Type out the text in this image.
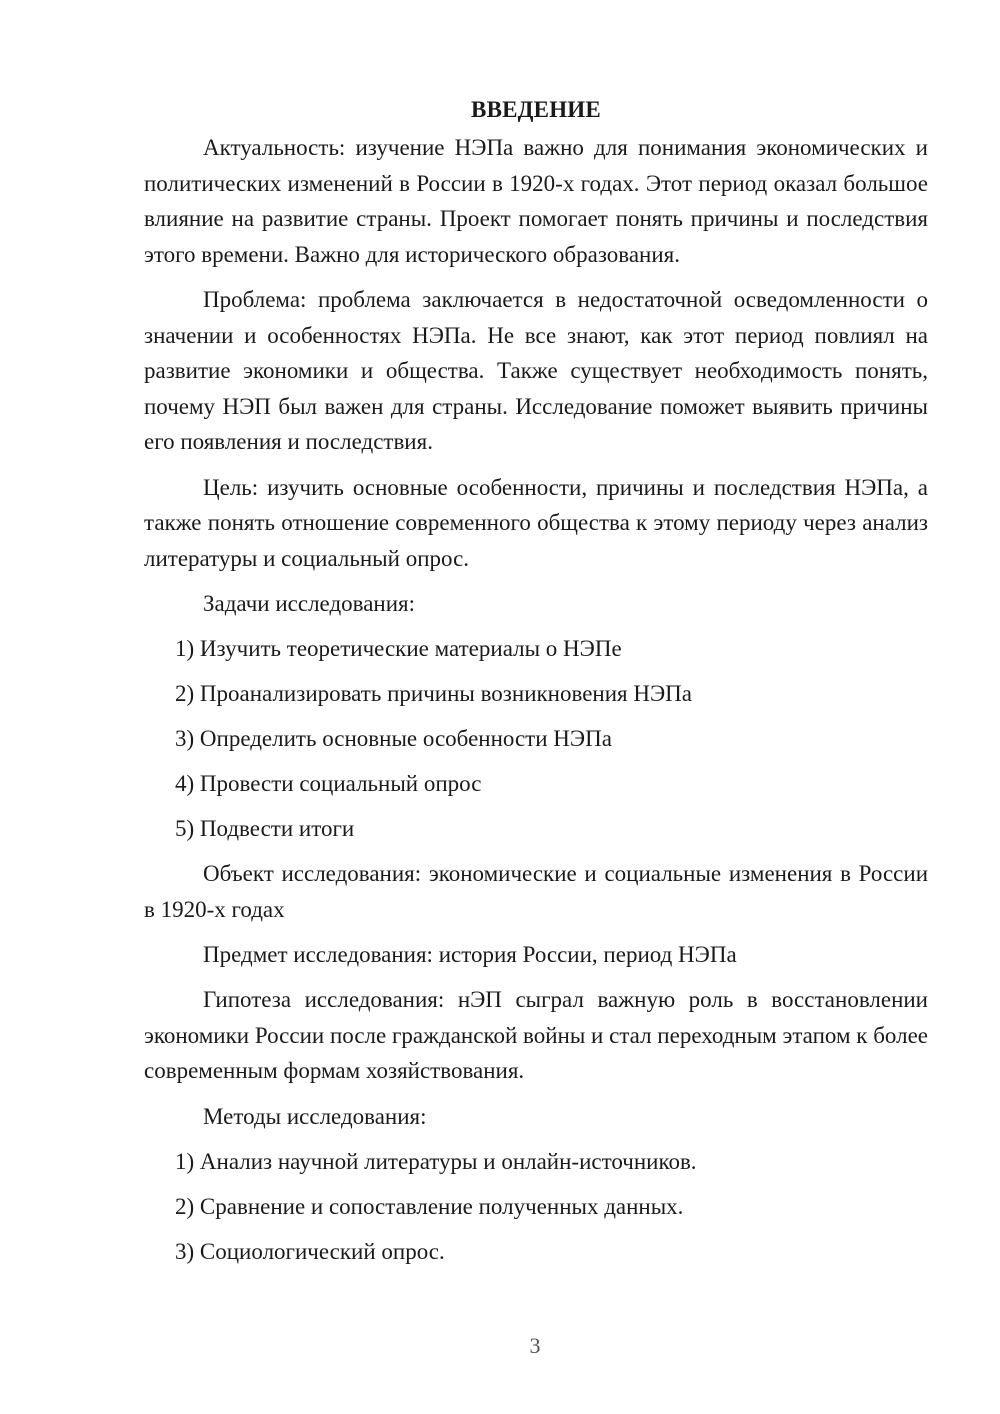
ВВЕДЕНИЕ

Актуальность: изучение НЭПа важно для понимания экономических и политических изменений в России в 1920-х годах. Этот период оказал большое влияние на развитие страны. Проект помогает понять причины и последствия этого времени. Важно для исторического образования.

Проблема: проблема заключается в недостаточной осведомленности о значении и особенностях НЭПа. Не все знают, как этот период повлиял на развитие экономики и общества. Также существует необходимость понять, почему НЭП был важен для страны. Исследование поможет выявить причины его появления и последствия.

Цель: изучить основные особенности, причины и последствия НЭПа, а также понять отношение современного общества к этому периоду через анализ литературы и социальный опрос.

Задачи исследования:

1) Изучить теоретические материалы о НЭПе

2) Проанализировать причины возникновения НЭПа

3) Определить основные особенности НЭПа

4) Провести социальный опрос

5) Подвести итоги

Объект исследования: экономические и социальные изменения в России в 1920-х годах

Предмет исследования: история России, период НЭПа

Гипотеза исследования: нЭП сыграл важную роль в восстановлении экономики России после гражданской войны и стал переходным этапом к более современным формам хозяйствования.

Методы исследования:

1) Анализ научной литературы и онлайн-источников.

2) Сравнение и сопоставление полученных данных.

3) Социологический опрос.

3
